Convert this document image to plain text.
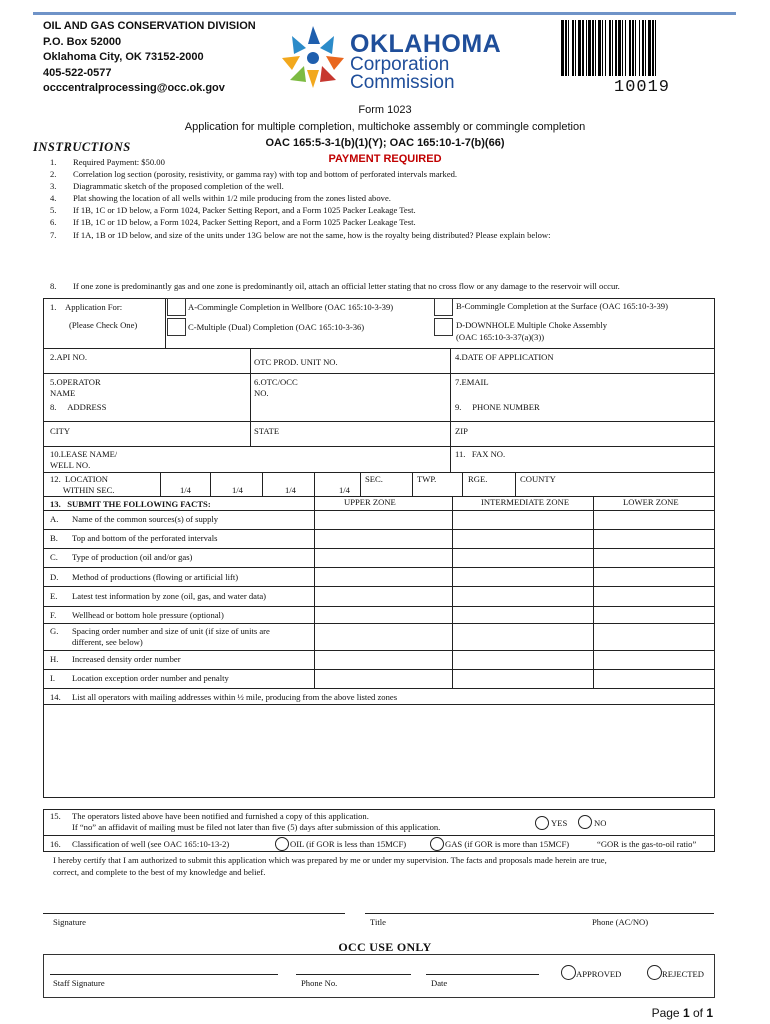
OIL AND GAS CONSERVATION DIVISION
P.O. Box 52000
Oklahoma City, OK 73152-2000
405-522-0577
occcentralprocessing@occ.ok.gov
OKLAHOMA
Corporation
Commission	10019
Form 1023
Application for multiple completion, multichoke assembly or commingle completion
OAC 165:5-3-1(b)(1)(Y); OAC 165:10-1-7(b)(66)
PAYMENT REQUIRED
INSTRUCTIONS
1.	Required Payment: $50.00
2.	Correlation log section (porosity, resistivity, or gamma ray) with top and bottom of perforated intervals marked.
3.	Diagrammatic sketch of the proposed completion of the well.
4.	Plat showing the location of all wells within 1/2 mile producing from the zones listed above.
5.	If 1B, 1C or 1D below, a Form 1024, Packer Setting Report, and a Form 1025 Packer Leakage Test.
6.	If 1B, 1C or 1D below, a Form 1024, Packer Setting Report, and a Form 1025 Packer Leakage Test.
7.	If 1A, 1B or 1D below, and size of the units under 13G below are not the same, how is the royalty being distributed? Please explain below:
8.	If one zone is predominantly gas and one zone is predominantly oil, attach an official letter stating that no cross flow or any damage to the reservoir will occur.
1. Application For:
(Please Check One)
A-Commingle Completion in Wellbore (OAC 165:10-3-39)
C-Multiple (Dual) Completion (OAC 165:10-3-36)
B-Commingle Completion at the Surface (OAC 165:10-3-39)
D-DOWNHOLE Multiple Choke Assembly
(OAC 165:10-3-37(a)(3))
2.API NO.	OTC PROD. UNIT NO.	4.DATE OF APPLICATION
5.OPERATOR
NAME
6.OTC/OCC
NO.
7.EMAIL
8. ADDRESS	9. PHONE NUMBER
CITY	STATE	ZIP
10.LEASE NAME/
WELL NO.
11. FAX NO.
12. LOCATION
WITHIN SEC.	1/4	1/4	1/4	1/4
SEC.	TWP.	RGE.	COUNTY
13. SUBMIT THE FOLLOWING FACTS:	UPPER ZONE	INTERMEDIATE ZONE	LOWER ZONE
A. Name of the common sources(s) of supply
B. Top and bottom of the perforated intervals
C. Type of production (oil and/or gas)
D. Method of productions (flowing or artificial lift)
E. Latest test information by zone (oil, gas, and water data)
F. Wellhead or bottom hole pressure (optional)
G. Spacing order number and size of unit (if size of units are
different, see below)
H. Increased density order number
I. Location exception order number and penalty
14. List all operators with mailing addresses within ½ mile, producing from the above listed zones
15. The operators listed above have been notified and furnished a copy of this application.
If “no” an affidavit of mailing must be filed not later than five (5) days after submission of this application.	YES	NO
16. Classification of well (see OAC 165:10-13-2)	OIL (if GOR is less than 15MCF)	GAS (if GOR is more than 15MCF)	“GOR is the gas-to-oil ratio”
I hereby certify that I am authorized to submit this application which was prepared by me or under my supervision. The facts and proposals made herein are true,
correct, and complete to the best of my knowledge and belief.
Signature	Title	Phone (AC/NO)
OCC USE ONLY
Staff Signature	Phone No.	Date
APPROVED	REJECTED
Page 1 of 1
